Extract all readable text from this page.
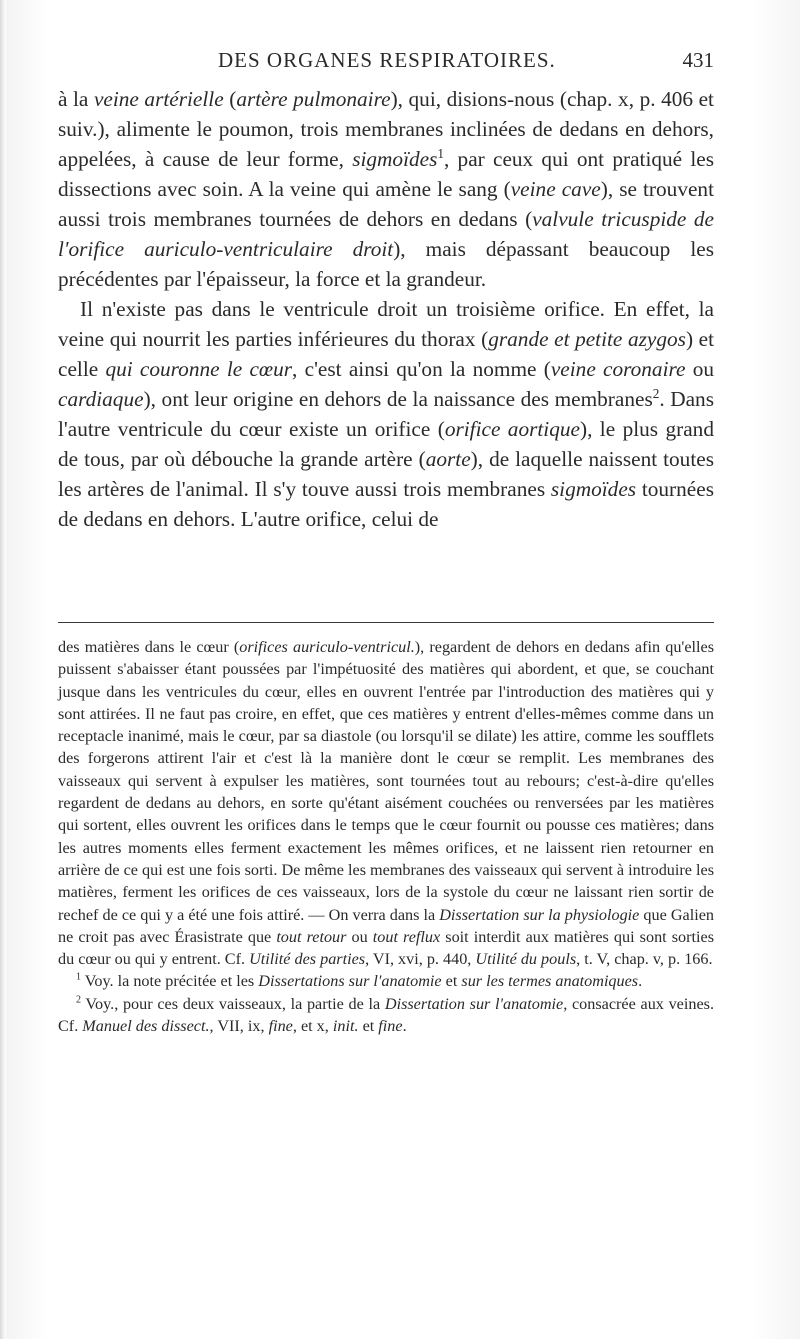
DES ORGANES RESPIRATOIRES.	431

à la veine artérielle (artère pulmonaire), qui, disions-nous (chap. x, p. 406 et suiv.), alimente le poumon, trois membranes inclinées de dedans en dehors, appelées, à cause de leur forme, sigmoïdes$^1$, par ceux qui ont pratiqué les dissections avec soin. A la veine qui amène le sang (veine cave), se trouvent aussi trois membranes tournées de dehors en dedans (valvule tricuspide de l'orifice auriculo-ventriculaire droit), mais dépassant beaucoup les précédentes par l'épaisseur, la force et la grandeur.

Il n'existe pas dans le ventricule droit un troisième orifice. En effet, la veine qui nourrit les parties inférieures du thorax (grande et petite azygos) et celle qui couronne le cœur, c'est ainsi qu'on la nomme (veine coronaire ou cardiaque), ont leur origine en dehors de la naissance des membranes$^2$. Dans l'autre ventricule du cœur existe un orifice (orifice aortique), le plus grand de tous, par où débouche la grande artère (aorte), de laquelle naissent toutes les artères de l'animal. Il s'y touve aussi trois membranes sigmoïdes tournées de dedans en dehors. L'autre orifice, celui de

des matières dans le cœur (orifices auriculo-ventricul.), regardent de dehors en dedans afin qu'elles puissent s'abaisser étant poussées par l'impétuosité des matières qui abordent, et que, se couchant jusque dans les ventricules du cœur, elles en ouvrent l'entrée par l'introduction des matières qui y sont attirées. Il ne faut pas croire, en effet, que ces matières y entrent d'elles-mêmes comme dans un receptacle inanimé, mais le cœur, par sa diastole (ou lorsqu'il se dilate) les attire, comme les soufflets des forgerons attirent l'air et c'est là la manière dont le cœur se remplit. Les membranes des vaisseaux qui servent à expulser les matières, sont tournées tout au rebours; c'est-à-dire qu'elles regardent de dedans au dehors, en sorte qu'étant aisément couchées ou renversées par les matières qui sortent, elles ouvrent les orifices dans le temps que le cœur fournit ou pousse ces matières; dans les autres moments elles ferment exactement les mêmes orifices, et ne laissent rien retourner en arrière de ce qui est une fois sorti. De même les membranes des vaisseaux qui servent à introduire les matières, ferment les orifices de ces vaisseaux, lors de la systole du cœur ne laissant rien sortir de rechef de ce qui y a été une fois attiré. — On verra dans la Dissertation sur la physiologie que Galien ne croit pas avec Érasistrate que tout retour ou tout reflux soit interdit aux matières qui sont sorties du cœur ou qui y entrent. Cf. Utilité des parties, VI, xvi, p. 440, Utilité du pouls, t. V, chap. v, p. 166.

$^1$ Voy. la note précitée et les Dissertations sur l'anatomie et sur les termes anatomiques.

$^2$ Voy., pour ces deux vaisseaux, la partie de la Dissertation sur l'anatomie, consacrée aux veines. Cf. Manuel des dissect., VII, ix, fine, et x, init. et fine.
